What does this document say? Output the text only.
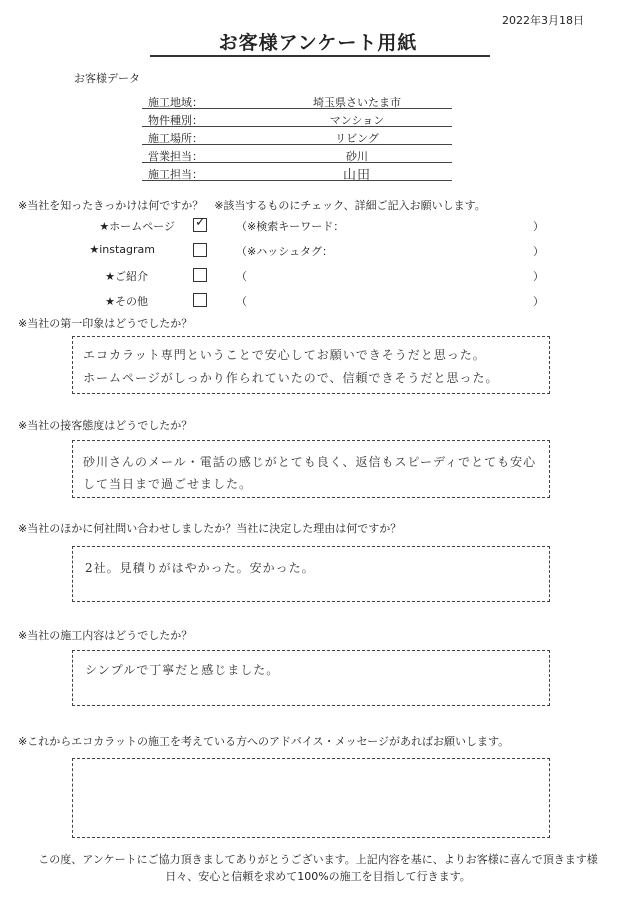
2022年3月18日
お客様アンケート用紙
お客様データ
施工地域：	埼玉県さいたま市
物件種別：	マンション
施工場所：	リビング
営業担当：	砂川
施工担当：	山田
※当社を知ったきっかけは何ですか？　※該当するものにチェック、詳細ご記入お願いします。
★ホームページ ✓	（※検索キーワード：	）
★instagram	（※ハッシュタグ：	）
★ご紹介	（	）
★その他	（	）
※当社の第一印象はどうでしたか？
エコカラット専門ということで安心してお願いできそうだと思った。
ホームページがしっかり作られていたので、信頼できそうだと思った。
※当社の接客態度はどうでしたか？
砂川さんのメール・電話の感じがとても良く、返信もスピーディでとても安心
して当日まで過ごせました。
※当社のほかに何社問い合わせしましたか？当社に決定した理由は何ですか？
2社。見積りがはやかった。安かった。
※当社の施工内容はどうでしたか？
シンプルで丁寧だと感じました。
※これからエコカラットの施工を考えている方へのアドバイス・メッセージがあればお願いします。
この度、アンケートにご協力頂きましてありがとうございます。上記内容を基に、よりお客様に喜んで頂きます様
日々、安心と信頼を求めて100%の施工を目指して行きます。
